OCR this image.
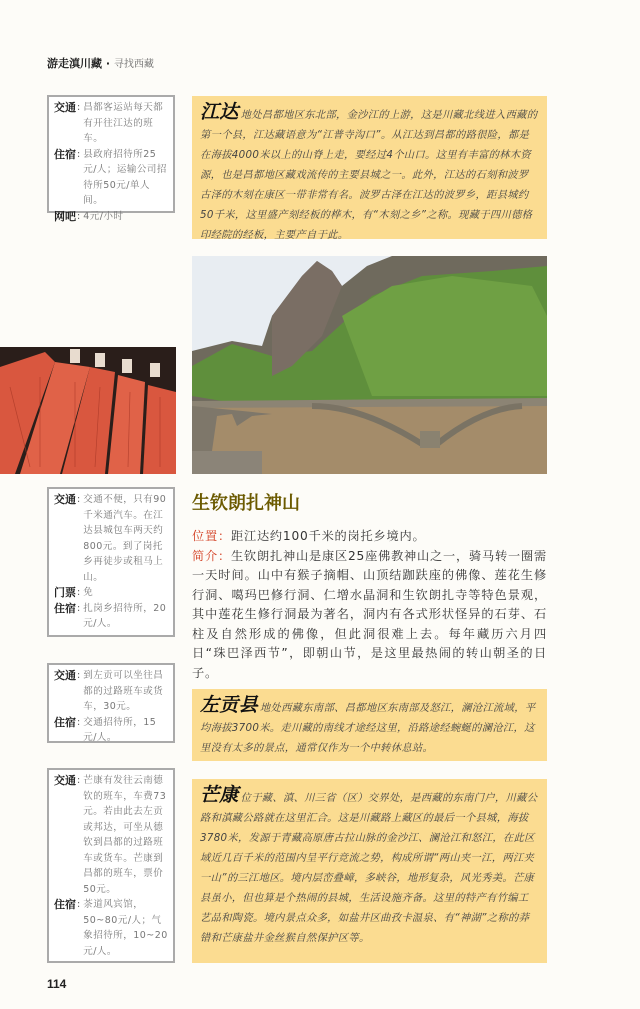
游走滇川藏 · 寻找西藏
交通 : 昌都客运站每天都有开往江达的班车。
住宿 : 县政府招待所25元/人；运输公司招待所50元/单人间。
网吧 : 4元/小时
江达 地处昌都地区东北部，金沙江的上游，这是川藏北线进入西藏的第一个县，江达藏语意为“江普寺沟口”。从江达到昌都的路很险，都是在海拔4000米以上的山脊上走，要经过4个山口。这里有丰富的林木资源，也是昌都地区藏戏流传的主要县城之一。此外，江达的石刻和波罗古泽的木刻在康区一带非常有名。波罗古泽在江达的波罗乡，距县城约50千米，这里盛产刻经板的桦木，有“木刻之乡”之称。现藏于四川德格印经院的经板，主要产自于此。
交通 : 交通不便，只有90千米通汽车。在江达县城包车两天约800元。到了岗托乡再徒步或租马上山。
门票 : 免
住宿 : 扎岗乡招待所，20元/人。
生钦朗扎神山
位置：距江达约100千米的岗托乡境内。
简介：生钦朗扎神山是康区25座佛教神山之一，骑马转一圈需一天时间。山中有猴子摘帽、山顶结跏趺座的佛像、莲花生修行洞、噶玛巴修行洞、仁增水晶洞和生钦朗扎寺等特色景观，其中莲花生修行洞最为著名，洞内有各式形状怪异的石芽、石柱及自然形成的佛像，但此洞很难上去。每年藏历六月四日“珠巴泽西节”，即朝山节，是这里最热闹的转山朝圣的日子。
交通 : 到左贡可以坐往昌都的过路班车或货车，30元。
住宿 : 交通招待所，15元/人。
左贡县 地处西藏东南部、昌都地区东南部及怒江，澜沧江流域，平均海拔3700米。走川藏的南线才途经这里，沿路途经蜿蜒的澜沧江，这里没有太多的景点，通常仅作为一个中转休息站。
交通 : 芒康有发往云南德钦的班车，车费73元。若由此去左贡或邦达，可坐从德钦到昌都的过路班车或货车。芒康到昌都的班车，票价50元。
住宿 : 茶道风宾馆，50~80元/人；气象招待所，10~20元/人。
芒康 位于藏、滇、川三省（区）交界处，是西藏的东南门户，川藏公路和滇藏公路就在这里汇合。这是川藏路上藏区的最后一个县城，海拔3780米，发源于青藏高原唐古拉山脉的金沙江、澜沧江和怒江，在此区域近几百千米的范围内呈平行竞流之势，构成所谓“两山夹一江，两江夹一山”的三江地区。境内层峦叠嶂，多峡谷，地形复杂，风光秀美。芒康县虽小，但也算是个热闹的县城，生活设施齐备。这里的特产有竹编工艺品和陶瓷。境内景点众多，如盐井区曲孜卡温泉、有“神湖”之称的莽错和芒康盐井金丝猴自然保护区等。
114
